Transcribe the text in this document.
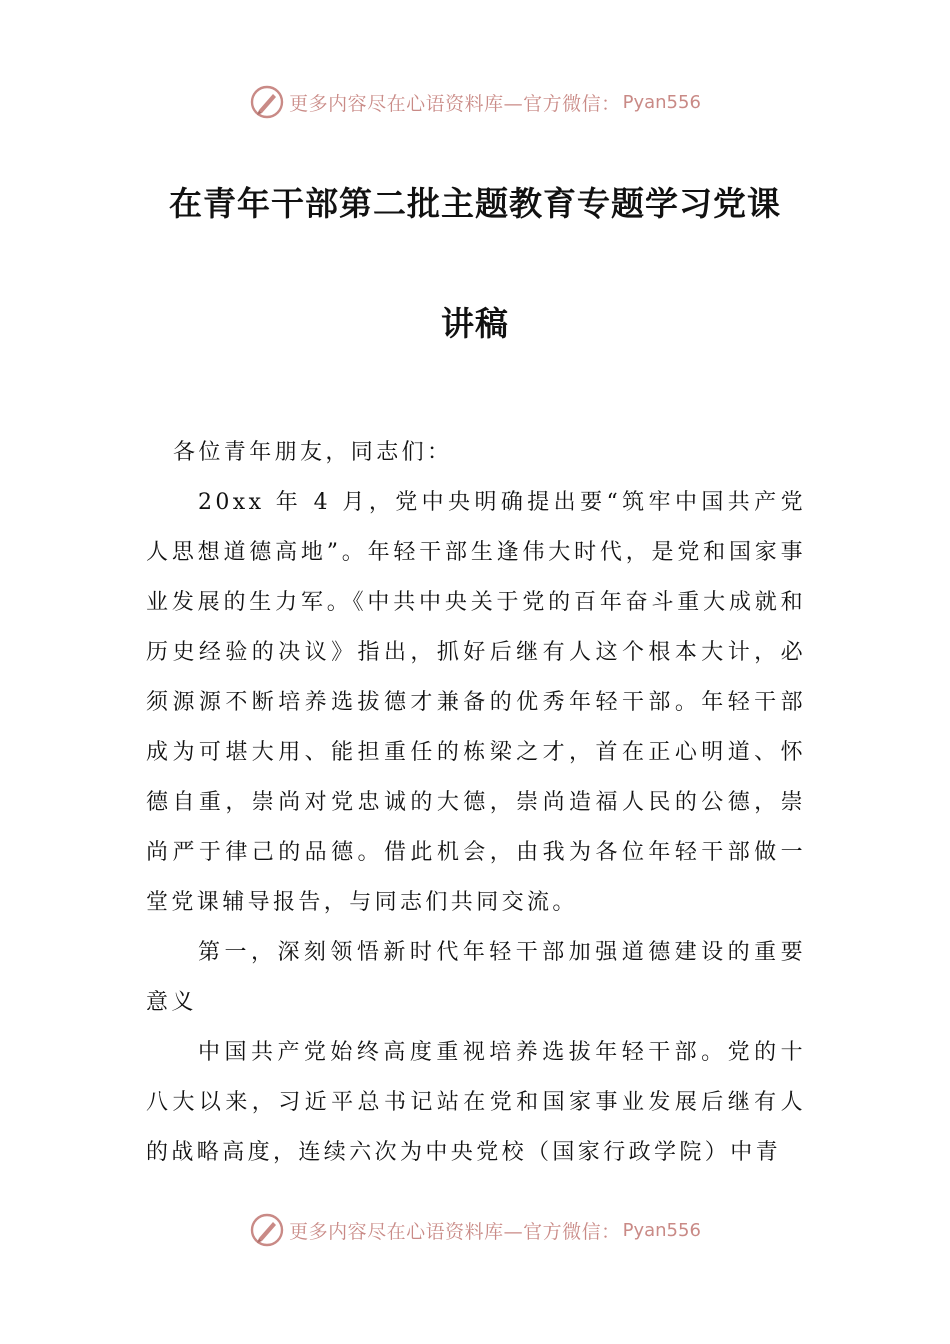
更多内容尽在心语资料库—官方微信： Pyan556
在青年干部第二批主题教育专题学习党课
讲稿

各位青年朋友，同志们：

20xx 年 4 月，党中央明确提出要“筑牢中国共产党人思想道德高地”。年轻干部生逢伟大时代，是党和国家事业发展的生力军。《中共中央关于党的百年奋斗重大成就和历史经验的决议》指出，抓好后继有人这个根本大计，必须源源不断培养选拔德才兼备的优秀年轻干部。年轻干部成为可堪大用、能担重任的栋梁之才，首在正心明道、怀德自重，崇尚对党忠诚的大德，崇尚造福人民的公德，崇尚严于律己的品德。借此机会，由我为各位年轻干部做一堂党课辅导报告，与同志们共同交流。

第一，深刻领悟新时代年轻干部加强道德建设的重要意义

中国共产党始终高度重视培养选拔年轻干部。党的十八大以来，习近平总书记站在党和国家事业发展后继有人的战略高度，连续六次为中央党校（国家行政学院）中青

更多内容尽在心语资料库—官方微信： Pyan556
